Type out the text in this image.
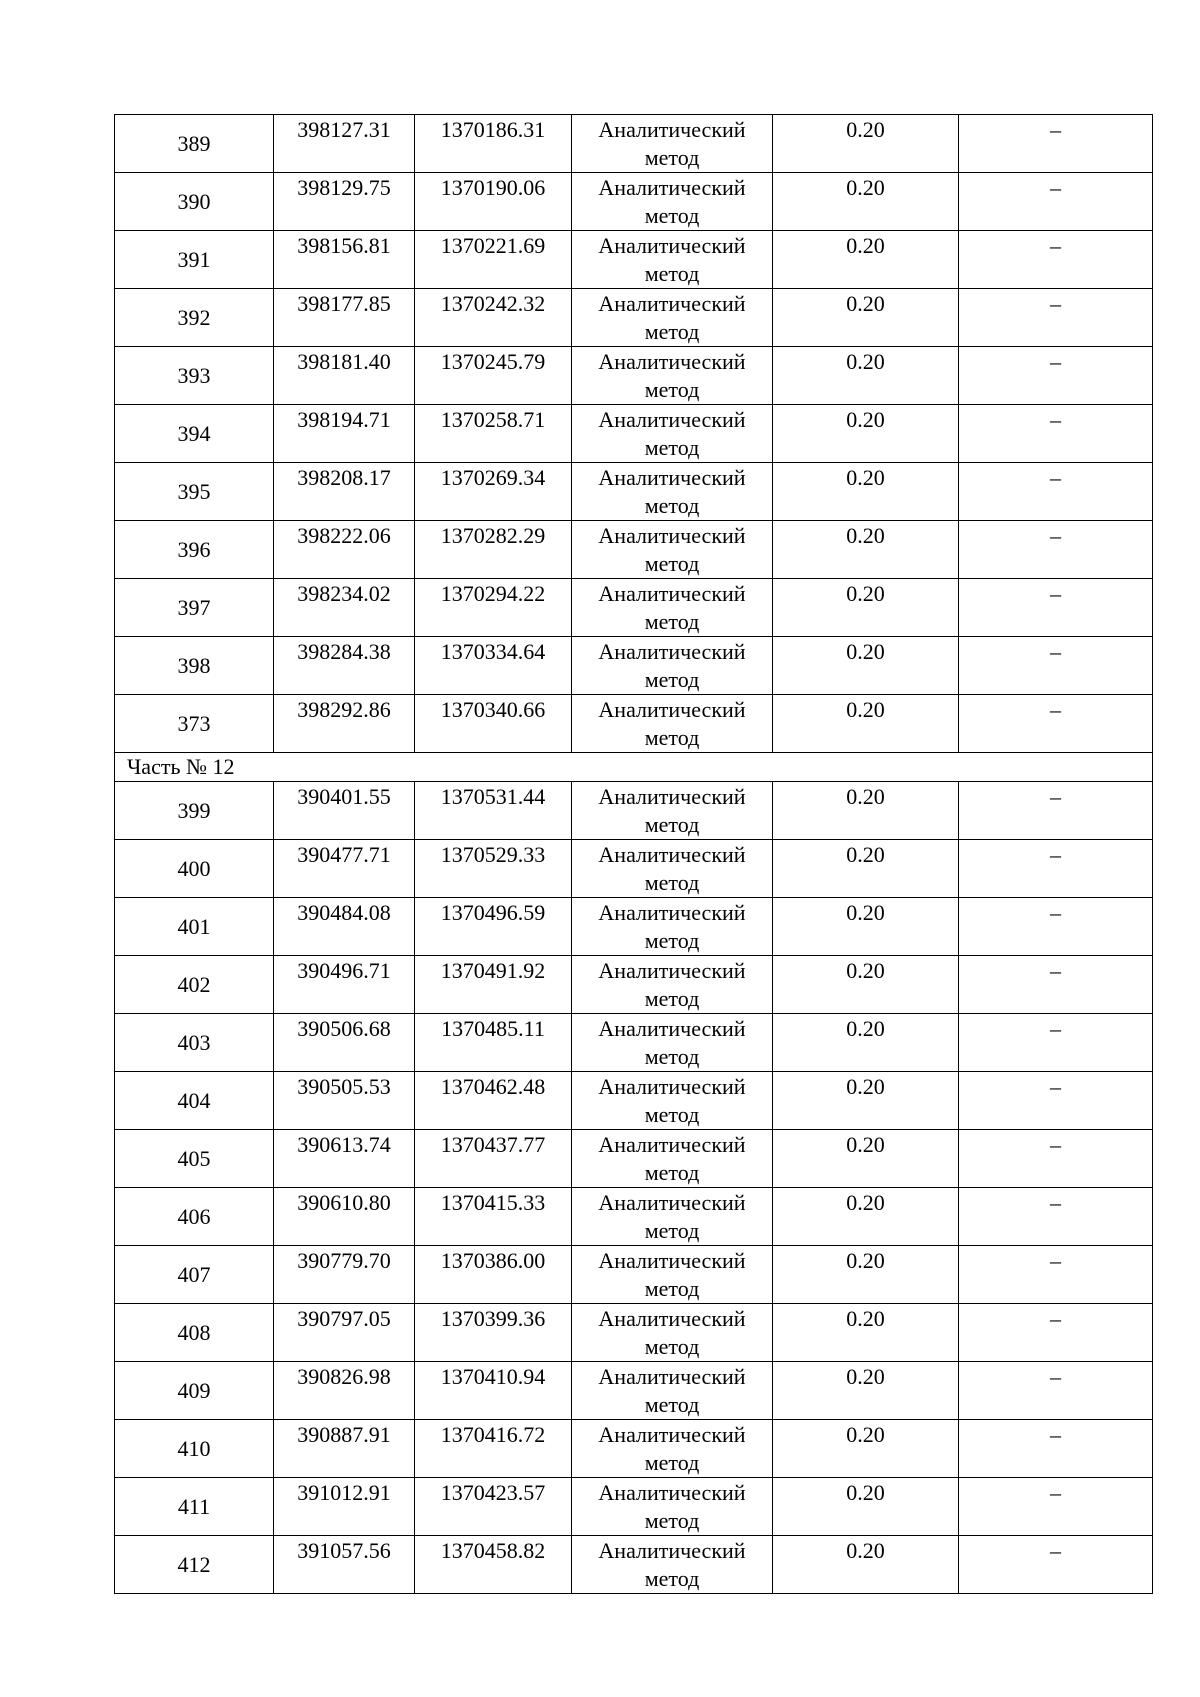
389	398127.31	1370186.31	Аналитический метод	0.20	–
390	398129.75	1370190.06	Аналитический метод	0.20	–
391	398156.81	1370221.69	Аналитический метод	0.20	–
392	398177.85	1370242.32	Аналитический метод	0.20	–
393	398181.40	1370245.79	Аналитический метод	0.20	–
394	398194.71	1370258.71	Аналитический метод	0.20	–
395	398208.17	1370269.34	Аналитический метод	0.20	–
396	398222.06	1370282.29	Аналитический метод	0.20	–
397	398234.02	1370294.22	Аналитический метод	0.20	–
398	398284.38	1370334.64	Аналитический метод	0.20	–
373	398292.86	1370340.66	Аналитический метод	0.20	–
Часть № 12					
399	390401.55	1370531.44	Аналитический метод	0.20	–
400	390477.71	1370529.33	Аналитический метод	0.20	–
401	390484.08	1370496.59	Аналитический метод	0.20	–
402	390496.71	1370491.92	Аналитический метод	0.20	–
403	390506.68	1370485.11	Аналитический метод	0.20	–
404	390505.53	1370462.48	Аналитический метод	0.20	–
405	390613.74	1370437.77	Аналитический метод	0.20	–
406	390610.80	1370415.33	Аналитический метод	0.20	–
407	390779.70	1370386.00	Аналитический метод	0.20	–
408	390797.05	1370399.36	Аналитический метод	0.20	–
409	390826.98	1370410.94	Аналитический метод	0.20	–
410	390887.91	1370416.72	Аналитический метод	0.20	–
411	391012.91	1370423.57	Аналитический метод	0.20	–
412	391057.56	1370458.82	Аналитический метод	0.20	–
